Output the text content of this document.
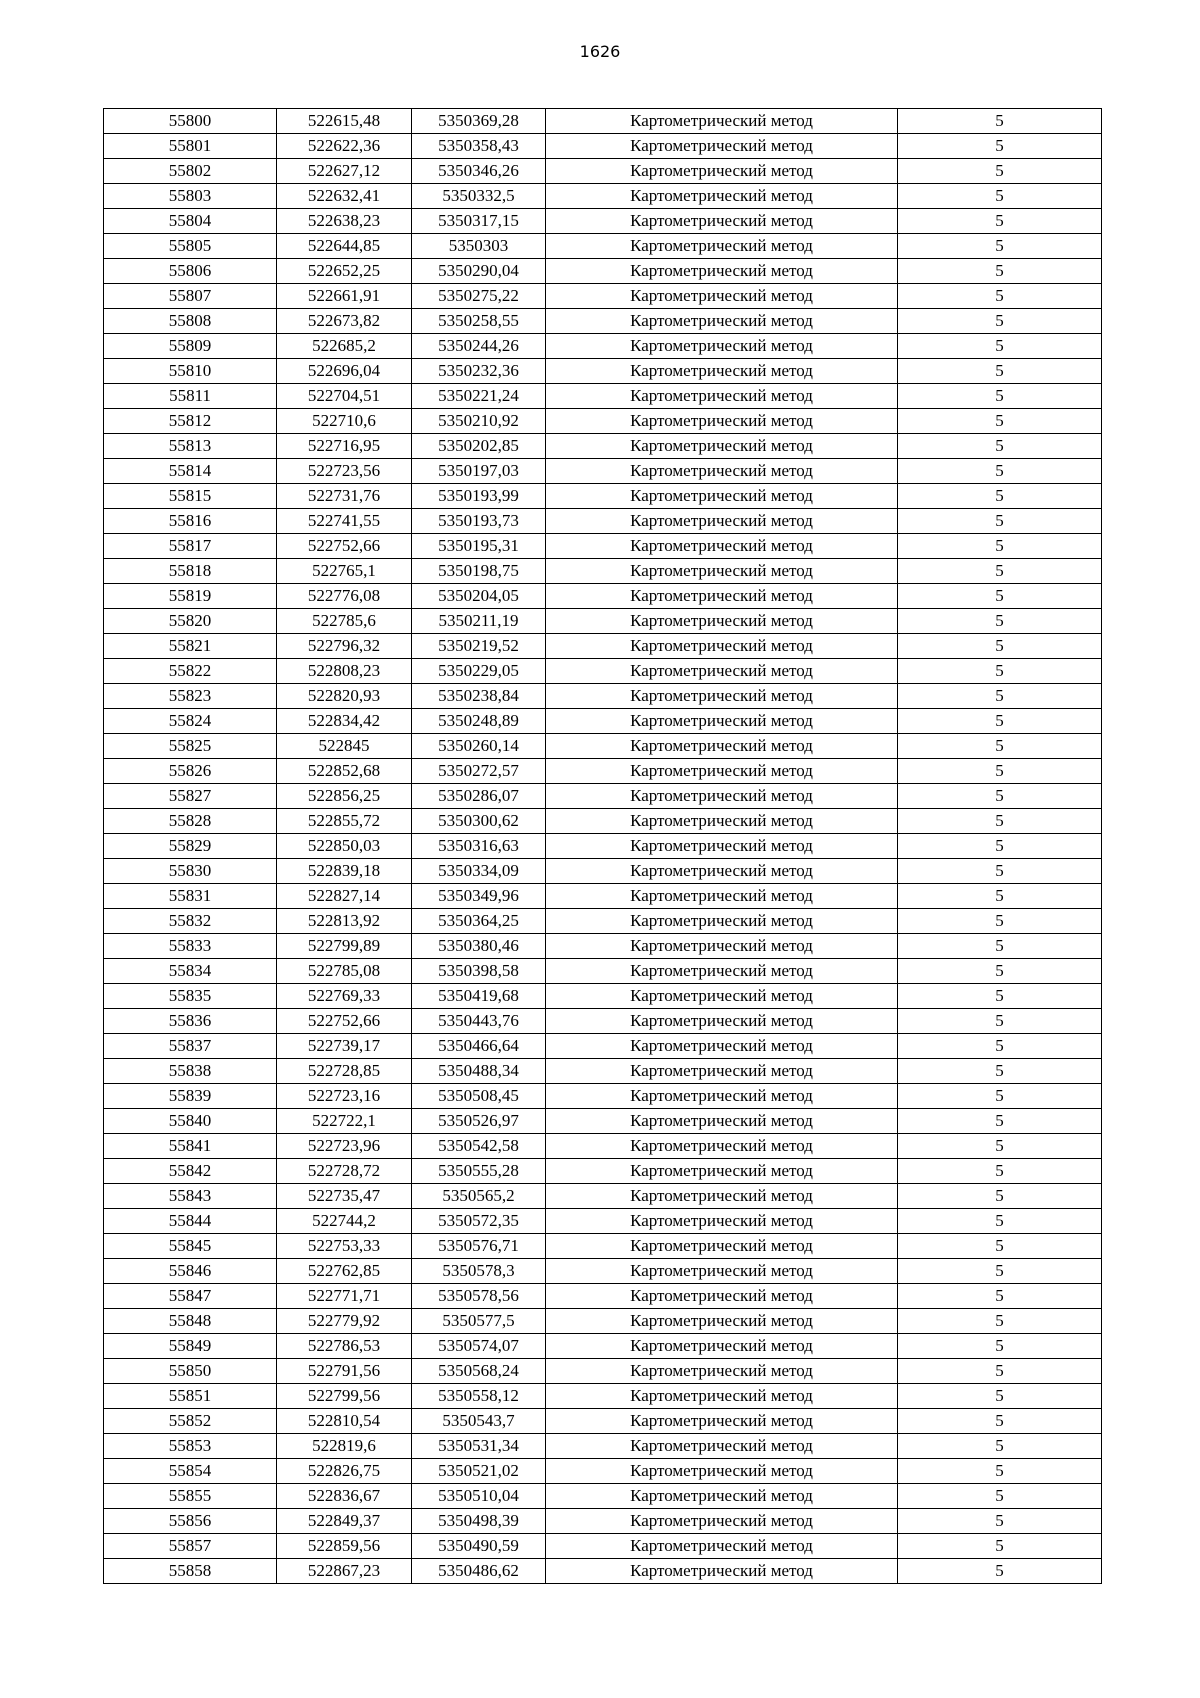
1626
55800	522615,48	5350369,28	Картометрический метод	5
55801	522622,36	5350358,43	Картометрический метод	5
55802	522627,12	5350346,26	Картометрический метод	5
55803	522632,41	5350332,5	Картометрический метод	5
55804	522638,23	5350317,15	Картометрический метод	5
55805	522644,85	5350303	Картометрический метод	5
55806	522652,25	5350290,04	Картометрический метод	5
55807	522661,91	5350275,22	Картометрический метод	5
55808	522673,82	5350258,55	Картометрический метод	5
55809	522685,2	5350244,26	Картометрический метод	5
55810	522696,04	5350232,36	Картометрический метод	5
55811	522704,51	5350221,24	Картометрический метод	5
55812	522710,6	5350210,92	Картометрический метод	5
55813	522716,95	5350202,85	Картометрический метод	5
55814	522723,56	5350197,03	Картометрический метод	5
55815	522731,76	5350193,99	Картометрический метод	5
55816	522741,55	5350193,73	Картометрический метод	5
55817	522752,66	5350195,31	Картометрический метод	5
55818	522765,1	5350198,75	Картометрический метод	5
55819	522776,08	5350204,05	Картометрический метод	5
55820	522785,6	5350211,19	Картометрический метод	5
55821	522796,32	5350219,52	Картометрический метод	5
55822	522808,23	5350229,05	Картометрический метод	5
55823	522820,93	5350238,84	Картометрический метод	5
55824	522834,42	5350248,89	Картометрический метод	5
55825	522845	5350260,14	Картометрический метод	5
55826	522852,68	5350272,57	Картометрический метод	5
55827	522856,25	5350286,07	Картометрический метод	5
55828	522855,72	5350300,62	Картометрический метод	5
55829	522850,03	5350316,63	Картометрический метод	5
55830	522839,18	5350334,09	Картометрический метод	5
55831	522827,14	5350349,96	Картометрический метод	5
55832	522813,92	5350364,25	Картометрический метод	5
55833	522799,89	5350380,46	Картометрический метод	5
55834	522785,08	5350398,58	Картометрический метод	5
55835	522769,33	5350419,68	Картометрический метод	5
55836	522752,66	5350443,76	Картометрический метод	5
55837	522739,17	5350466,64	Картометрический метод	5
55838	522728,85	5350488,34	Картометрический метод	5
55839	522723,16	5350508,45	Картометрический метод	5
55840	522722,1	5350526,97	Картометрический метод	5
55841	522723,96	5350542,58	Картометрический метод	5
55842	522728,72	5350555,28	Картометрический метод	5
55843	522735,47	5350565,2	Картометрический метод	5
55844	522744,2	5350572,35	Картометрический метод	5
55845	522753,33	5350576,71	Картометрический метод	5
55846	522762,85	5350578,3	Картометрический метод	5
55847	522771,71	5350578,56	Картометрический метод	5
55848	522779,92	5350577,5	Картометрический метод	5
55849	522786,53	5350574,07	Картометрический метод	5
55850	522791,56	5350568,24	Картометрический метод	5
55851	522799,56	5350558,12	Картометрический метод	5
55852	522810,54	5350543,7	Картометрический метод	5
55853	522819,6	5350531,34	Картометрический метод	5
55854	522826,75	5350521,02	Картометрический метод	5
55855	522836,67	5350510,04	Картометрический метод	5
55856	522849,37	5350498,39	Картометрический метод	5
55857	522859,56	5350490,59	Картометрический метод	5
55858	522867,23	5350486,62	Картометрический метод	5
